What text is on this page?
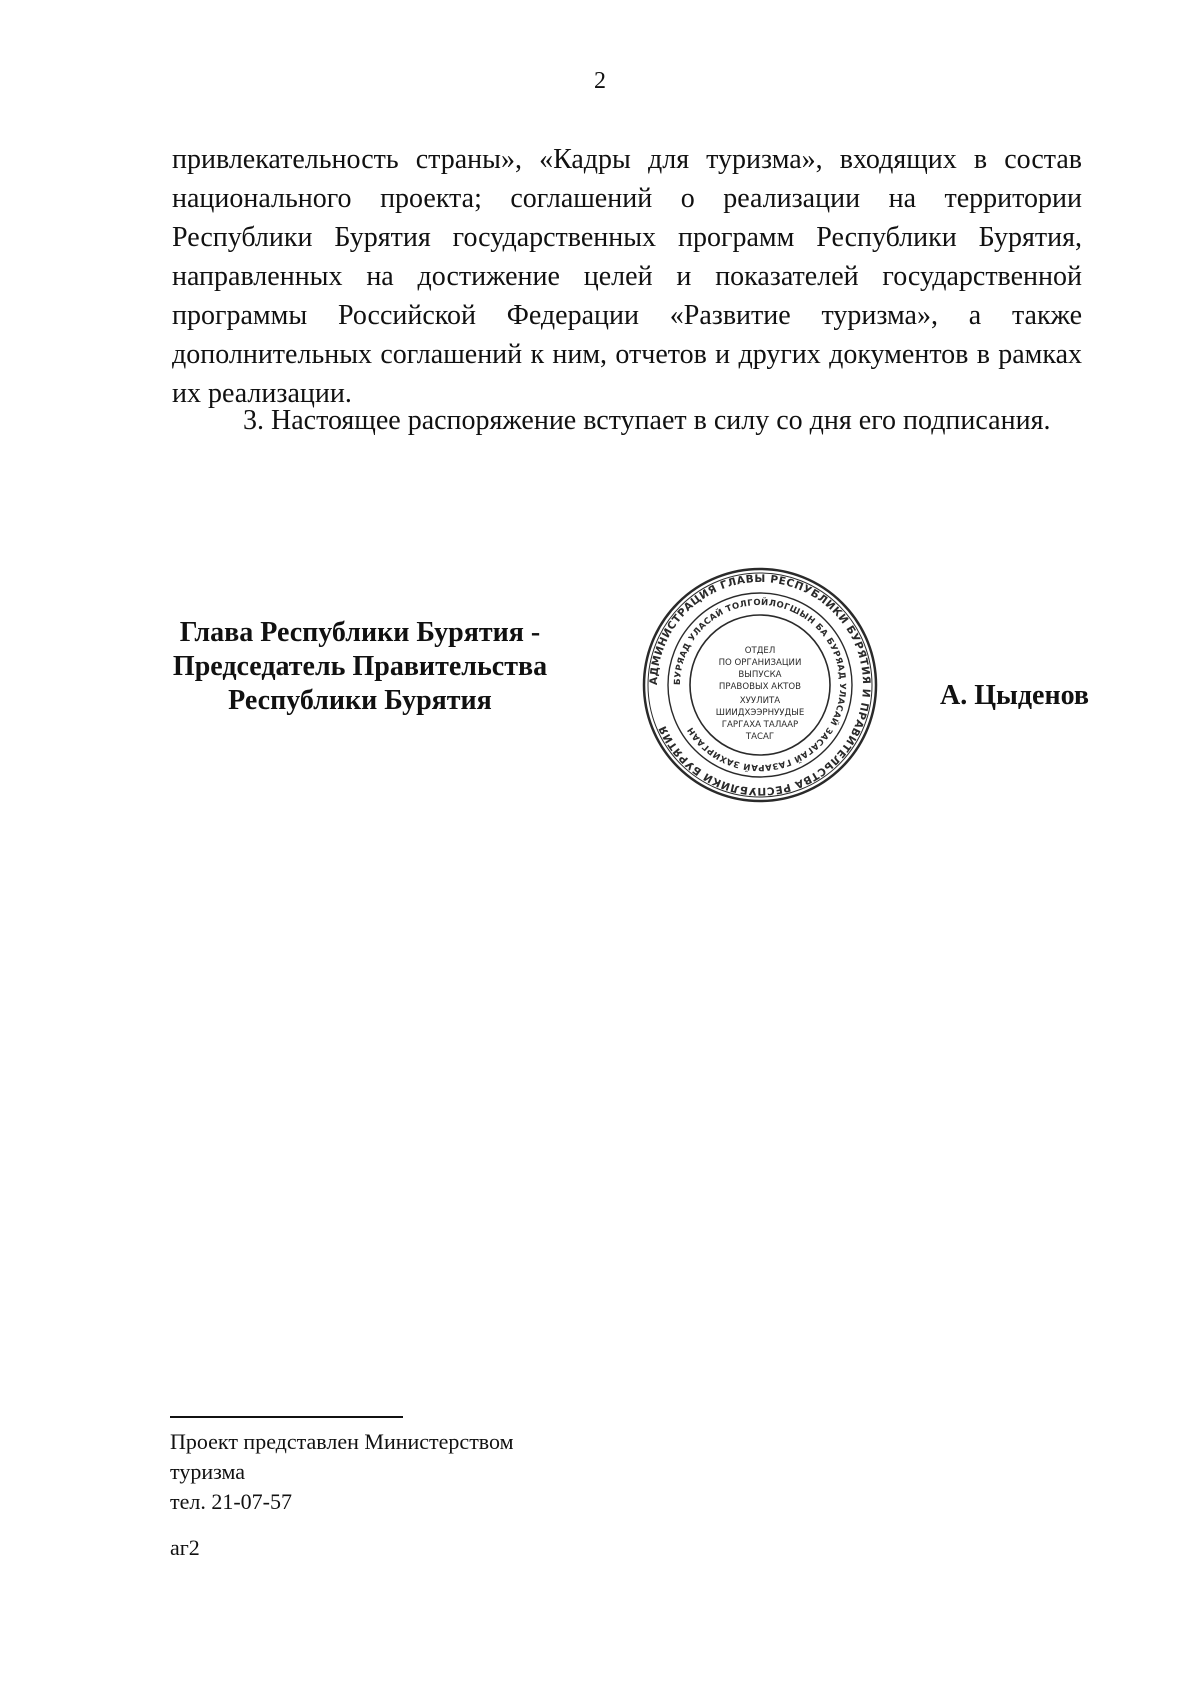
2

привлекательность страны», «Кадры для туризма», входящих в состав национального проекта; соглашений о реализации на территории Республики Бурятия государственных программ Республики Бурятия, направленных на достижение целей и показателей государственной программы Российской Федерации «Развитие туризма», а также дополнительных соглашений к ним, отчетов и других документов в рамках их реализации.

3. Настоящее распоряжение вступает в силу со дня его подписания.

Глава Республики Бурятия -
Председатель Правительства
Республики Бурятия
АДМИНИСТРАЦИЯ ГЛАВЫ РЕСПУБЛИКИ БУРЯТИЯ И ПРАВИТЕЛЬСТВА РЕСПУБЛИКИ БУРЯТИЯ
БУРЯАД УЛАСАЙ ТОЛГОЙЛОГШЫН БА БУРЯАД УЛАСАЙ ЗАСАГАЙ ГАЗАРАЙ ЗАХИРГААН
ОТДЕЛ
ПО ОРГАНИЗАЦИИ
ВЫПУСКА
ПРАВОВЫХ АКТОВ
ХУУЛИТА
ШИИДХЭЭРНУУДЫЕ
ГАРГАХА ТАЛААР
ТАСАГ
А. Цыденов
Проект представлен Министерством
туризма
тел. 21-07-57
аг2
